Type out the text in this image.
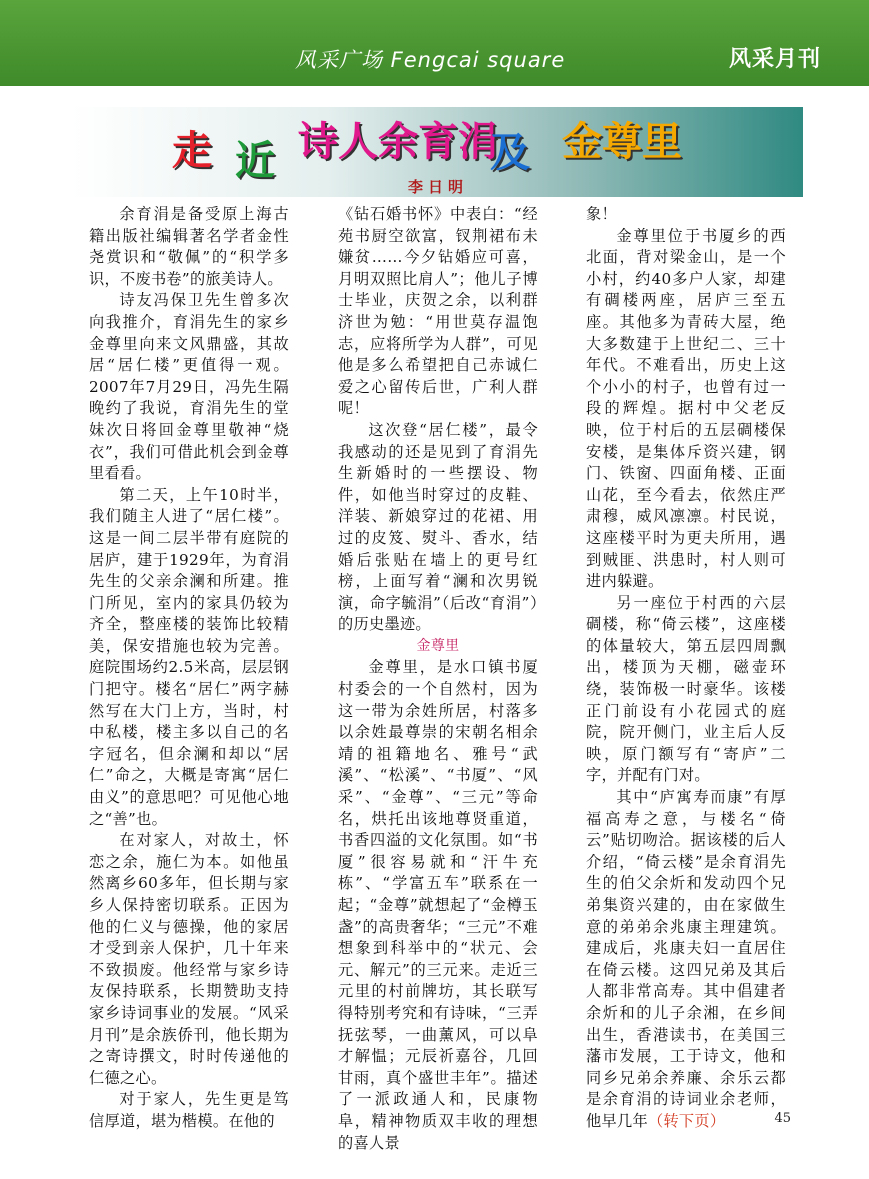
风采广场 Fengcai square	风采月刊
走 近 诗人余育涓
及 金尊里
李日明

余育涓是备受原上海古籍出版社编辑著名学者金性尧赏识和“敬佩”的“积学多识，不废书卷”的旅美诗人。

诗友冯保卫先生曾多次向我推介，育涓先生的家乡金尊里向来文风鼎盛，其故居“居仁楼”更值得一观。2007年7月29日，冯先生隔晚约了我说，育涓先生的堂妹次日将回金尊里敬神“烧衣”，我们可借此机会到金尊里看看。

第二天，上午10时半，我们随主人进了“居仁楼”。这是一间二层半带有庭院的居庐，建于1929年，为育涓先生的父亲余澜和所建。推门所见，室内的家具仍较为齐全，整座楼的装饰比较精美，保安措施也较为完善。庭院围场约2.5米高，层层钢门把守。楼名“居仁”两字赫然写在大门上方，当时，村中私楼，楼主多以自己的名字冠名，但余澜和却以“居仁”命之，大概是寄寓“居仁由义”的意思吧？可见他心地之“善”也。

在对家人，对故土，怀恋之余，施仁为本。如他虽然离乡60多年，但长期与家乡人保持密切联系。正因为他的仁义与德操，他的家居才受到亲人保护，几十年来不致损废。他经常与家乡诗友保持联系，长期赞助支持家乡诗词事业的发展。“风采月刊”是余族侨刊，他长期为之寄诗撰文，时时传递他的仁德之心。

对于家人，先生更是笃信厚道，堪为楷模。在他的

《钻石婚书怀》中表白：“经苑书厨空欲富，钗荆裙布未嫌贫……今夕钻婚应可喜，月明双照比肩人”；他儿子博士毕业，庆贺之余，以利群济世为勉：“用世莫存温饱志，应将所学为人群”，可见他是多么希望把自己赤诚仁爱之心留传后世，广利人群呢！

这次登“居仁楼”，最令我感动的还是见到了育涓先生新婚时的一些摆设、物件，如他当时穿过的皮鞋、洋装、新娘穿过的花裙、用过的皮笈、熨斗、香水，结婚后张贴在墙上的更号红榜，上面写着“澜和次男锐演，命字毓涓”（后改“育涓”）的历史墨迹。

金尊里

金尊里，是水口镇书厦村委会的一个自然村，因为这一带为余姓所居，村落多以余姓最尊崇的宋朝名相余靖的祖籍地名、雅号“武溪”、“松溪”、“书厦”、“风采”、“金尊”、“三元”等命名，烘托出该地尊贤重道，书香四溢的文化氛围。如“书厦”很容易就和“汗牛充栋”、“学富五车”联系在一起；“金尊”就想起了“金樽玉盏”的高贵奢华；“三元”不难想象到科举中的“状元、会元、解元”的三元来。走近三元里的村前牌坊，其长联写得特别考究和有诗味，“三弄抚弦琴，一曲薰风，可以阜才解愠；元辰祈嘉谷，几回甘雨，真个盛世丰年”。描述了一派政通人和，民康物阜，精神物质双丰收的理想的喜人景

象！

金尊里位于书厦乡的西北面，背对梁金山，是一个小村，约40多户人家，却建有碉楼两座，居庐三至五座。其他多为青砖大屋，绝大多数建于上世纪二、三十年代。不难看出，历史上这个小小的村子，也曾有过一段的辉煌。据村中父老反映，位于村后的五层碉楼保安楼，是集体斥资兴建，钢门、铁窗、四面角楼、正面山花，至今看去，依然庄严肃穆，威风凛凛。村民说，这座楼平时为更夫所用，遇到贼匪、洪患时，村人则可进内躲避。

另一座位于村西的六层碉楼，称“倚云楼”，这座楼的体量较大，第五层四周飘出，楼顶为天棚，磁壶环绕，装饰极一时豪华。该楼正门前设有小花园式的庭院，院开侧门，业主后人反映，原门额写有“寄庐”二字，并配有门对。

其中“庐寓寿而康”有厚福高寿之意，与楼名“倚云”贴切吻洽。据该楼的后人介绍，“倚云楼”是余育涓先生的伯父余炘和发动四个兄弟集资兴建的，由在家做生意的弟弟余兆康主理建筑。建成后，兆康夫妇一直居住在倚云楼。这四兄弟及其后人都非常高寿。其中倡建者余炘和的儿子余湘，在乡间出生，香港读书，在美国三藩市发展，工于诗文，他和同乡兄弟余养廉、余乐云都是余育涓的诗词业余老师，他早几年（转下页）	45
